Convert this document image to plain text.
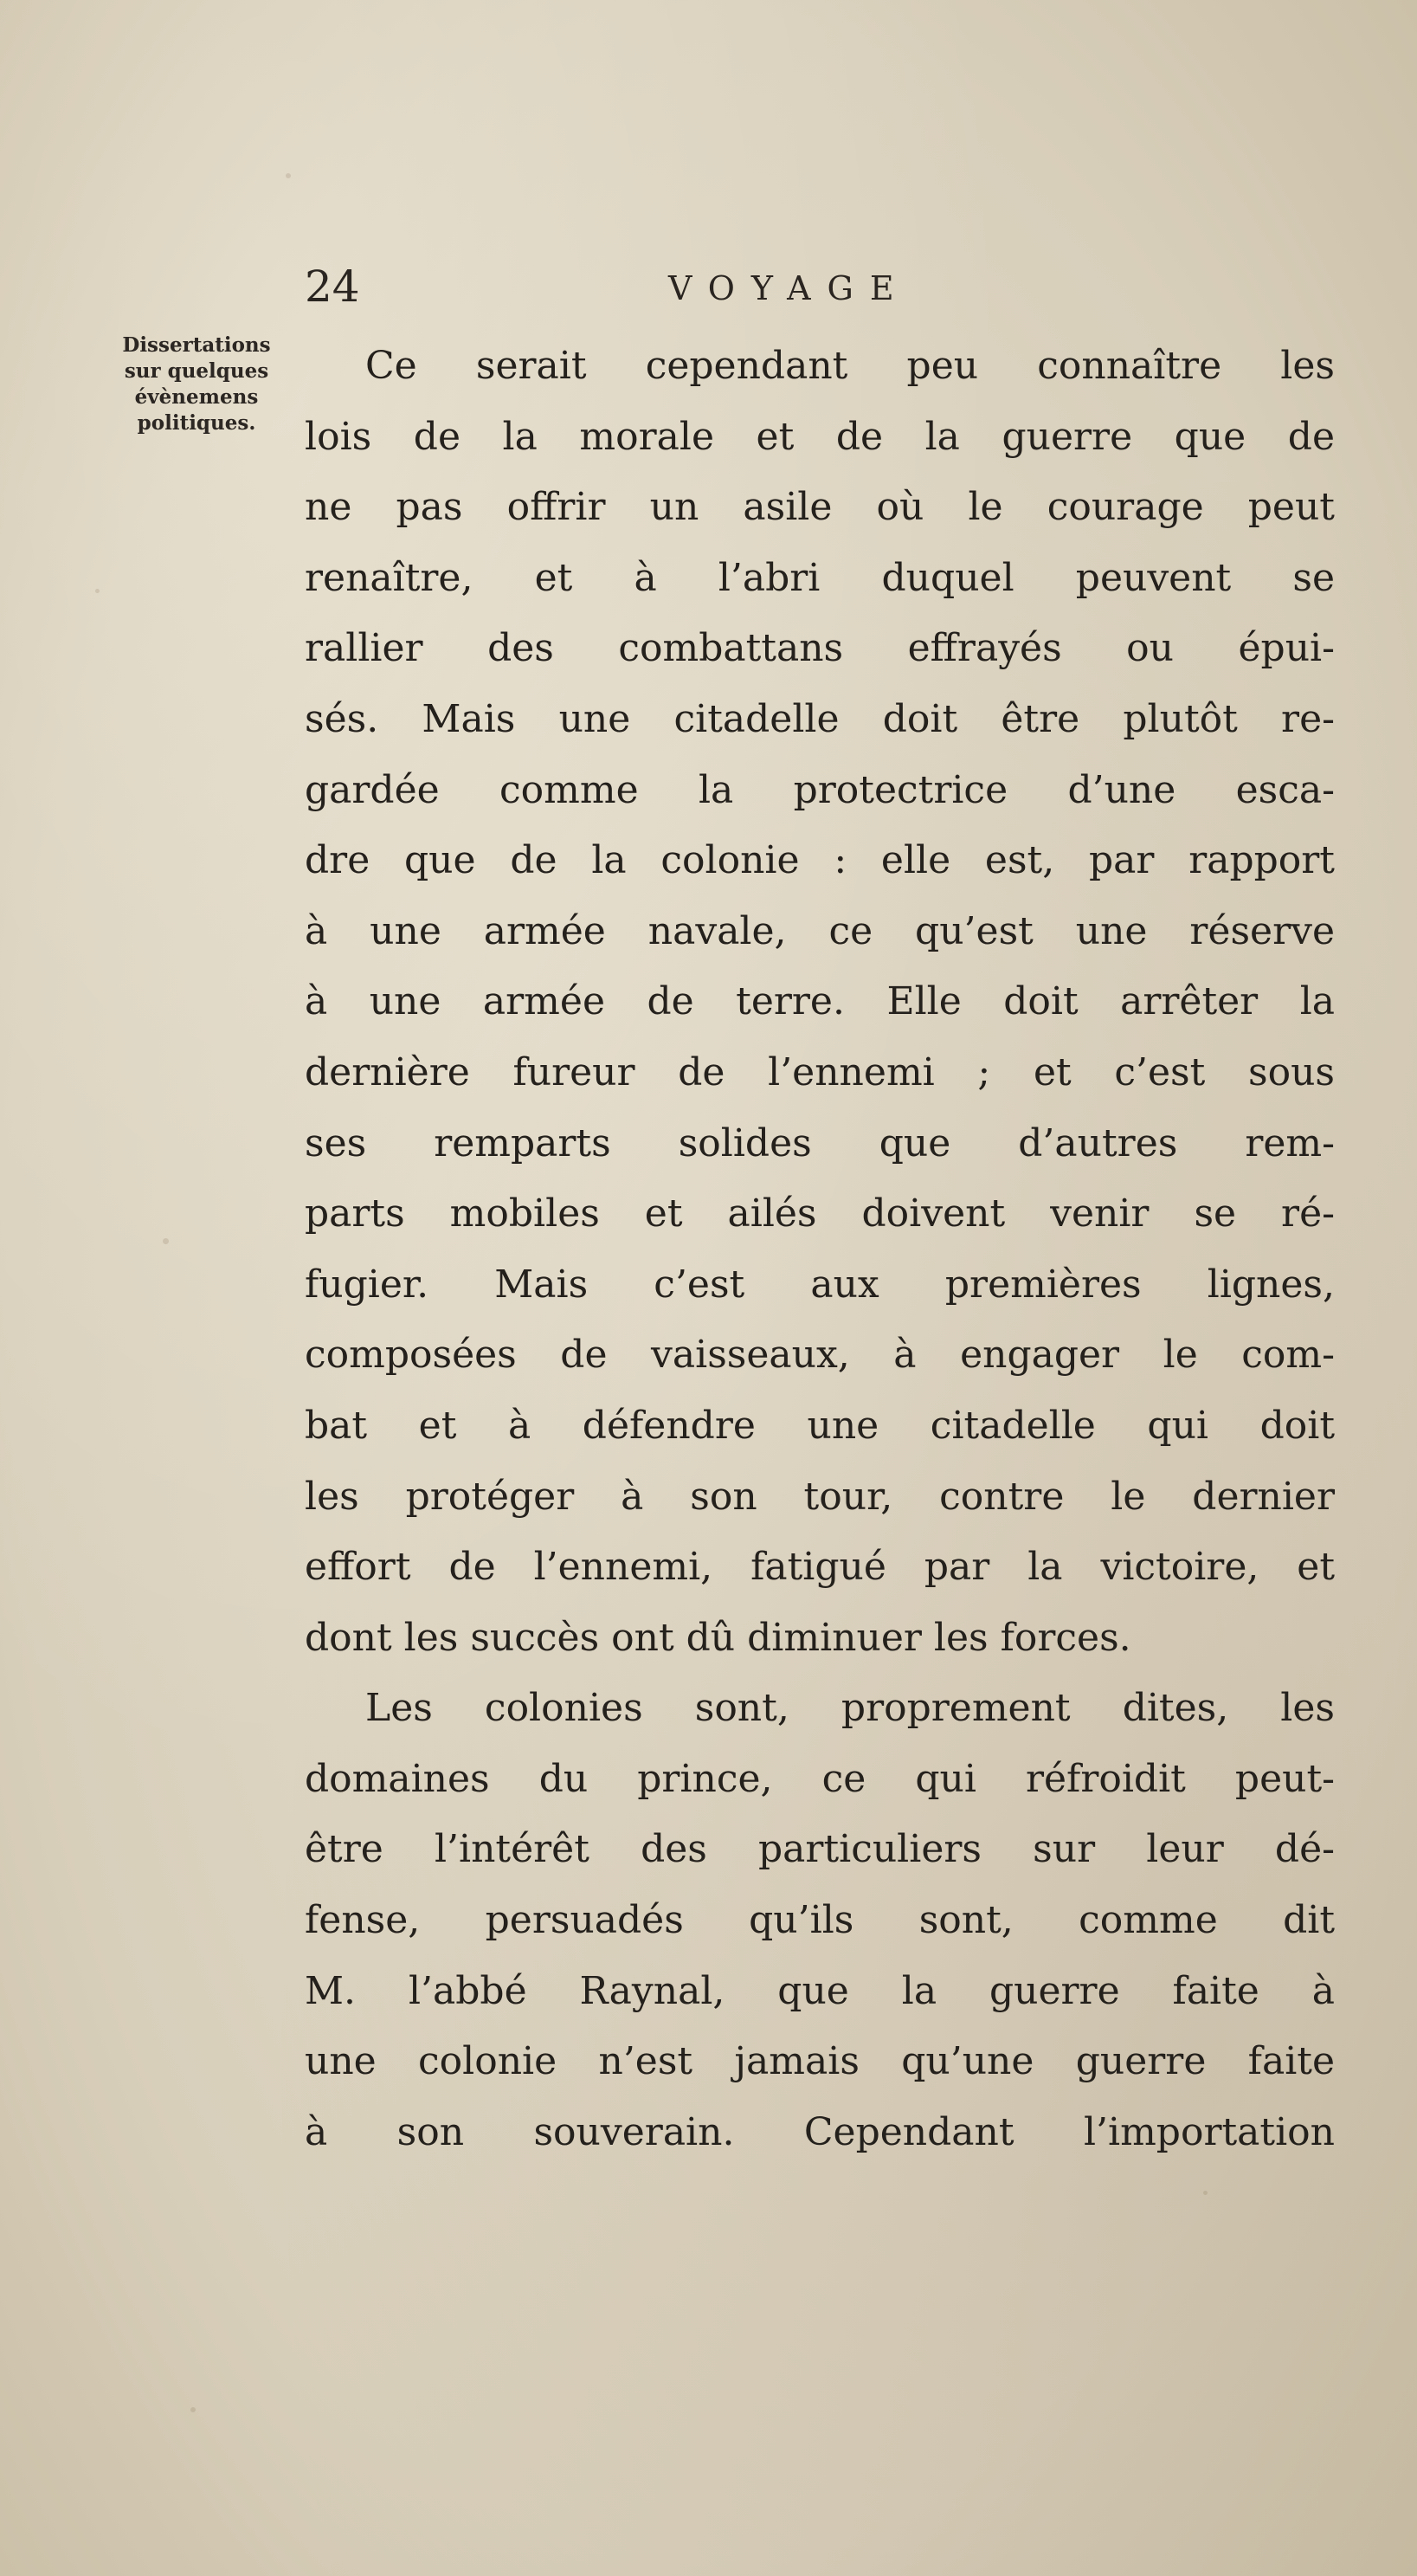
24	VOYAGE
Dissertations
sur quelques
évènemens
politiques.
Ce serait cependant peu connaître les
lois de la morale et de la guerre que de
ne pas offrir un asile où le courage peut
renaître, et à l’abri duquel peuvent se
rallier des combattans effrayés ou épui-
sés. Mais une citadelle doit être plutôt re-
gardée comme la protectrice d’une esca-
dre que de la colonie : elle est, par rapport
à une armée navale, ce qu’est une réserve
à une armée de terre. Elle doit arrêter la
dernière fureur de l’ennemi ; et c’est sous
ses remparts solides que d’autres rem-
parts mobiles et ailés doivent venir se ré-
fugier. Mais c’est aux premières lignes,
composées de vaisseaux, à engager le com-
bat et à défendre une citadelle qui doit
les protéger à son tour, contre le dernier
effort de l’ennemi, fatigué par la victoire, et
dont les succès ont dû diminuer les forces.
Les colonies sont, proprement dites, les
domaines du prince, ce qui réfroidit peut-
être l’intérêt des particuliers sur leur dé-
fense, persuadés qu’ils sont, comme dit
M. l’abbé Raynal, que la guerre faite à
une colonie n’est jamais qu’une guerre faite
à son souverain. Cependant l’importation
